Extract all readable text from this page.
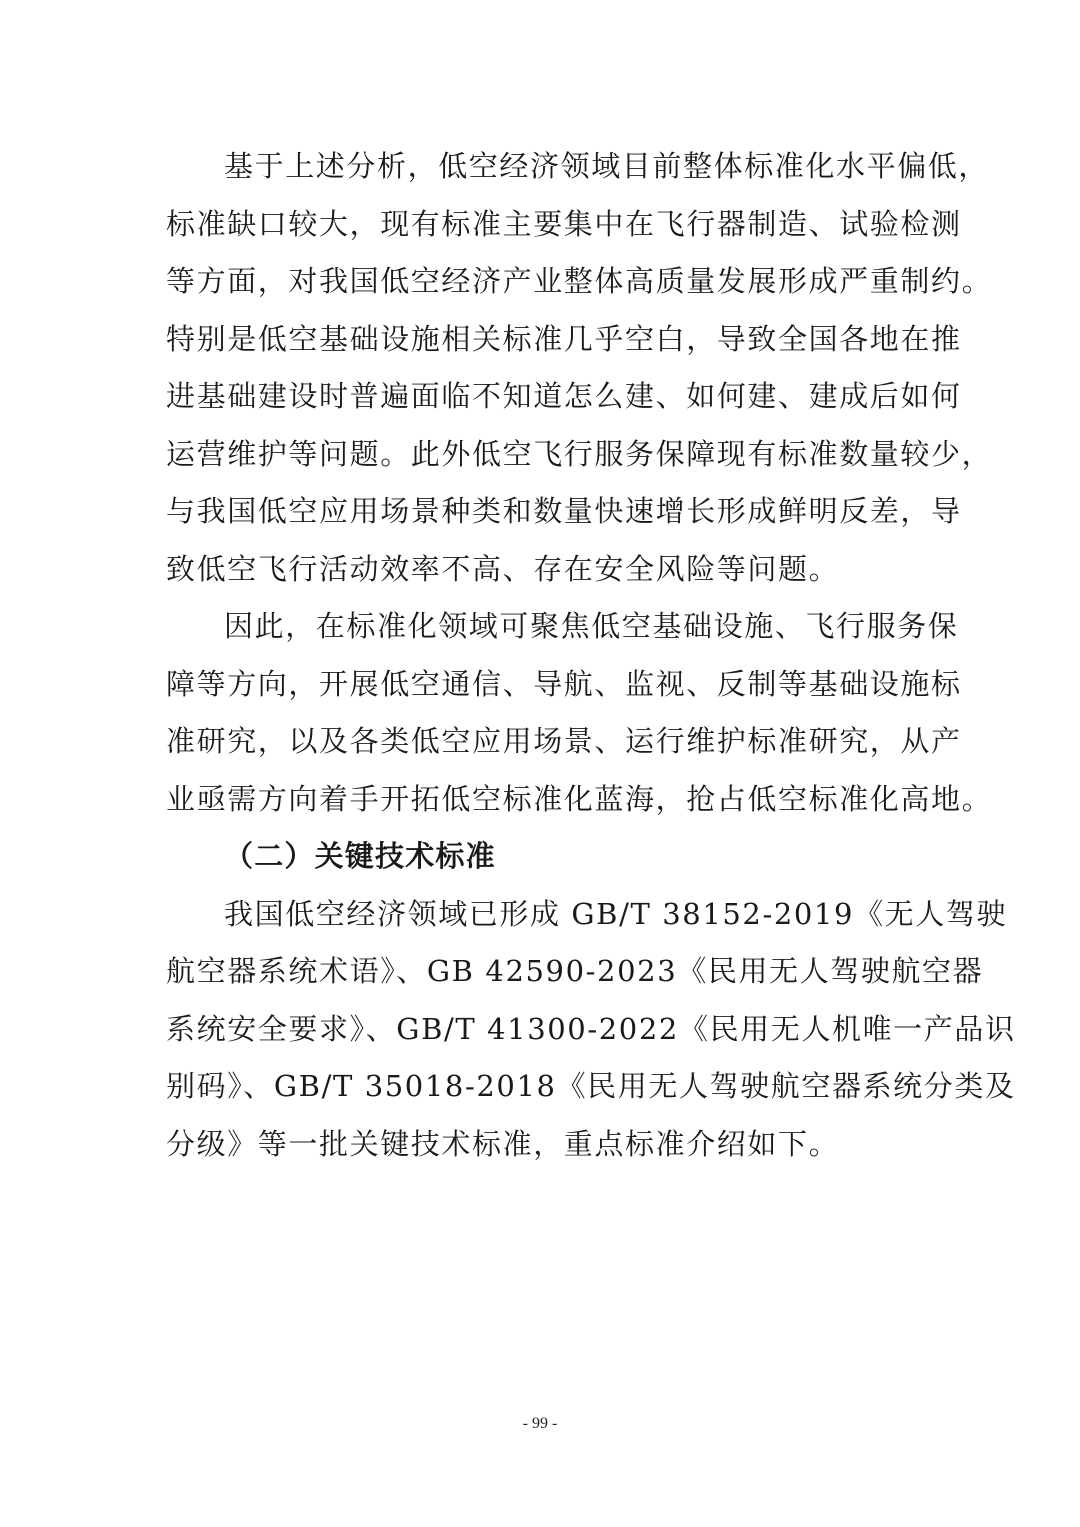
基于上述分析，低空经济领域目前整体标准化水平偏低，
标准缺口较大，现有标准主要集中在飞行器制造、试验检测
等方面，对我国低空经济产业整体高质量发展形成严重制约。
特别是低空基础设施相关标准几乎空白，导致全国各地在推
进基础建设时普遍面临不知道怎么建、如何建、建成后如何
运营维护等问题。此外低空飞行服务保障现有标准数量较少，
与我国低空应用场景种类和数量快速增长形成鲜明反差，导
致低空飞行活动效率不高、存在安全风险等问题。
因此，在标准化领域可聚焦低空基础设施、飞行服务保
障等方向，开展低空通信、导航、监视、反制等基础设施标
准研究，以及各类低空应用场景、运行维护标准研究，从产
业亟需方向着手开拓低空标准化蓝海，抢占低空标准化高地。
（二）关键技术标准
我国低空经济领域已形成 GB/T 38152-2019《无人驾驶
航空器系统术语》、GB 42590-2023《民用无人驾驶航空器
系统安全要求》、GB/T 41300-2022《民用无人机唯一产品识
别码》、GB/T 35018-2018《民用无人驾驶航空器系统分类及
分级》等一批关键技术标准，重点标准介绍如下。
- 99 -
